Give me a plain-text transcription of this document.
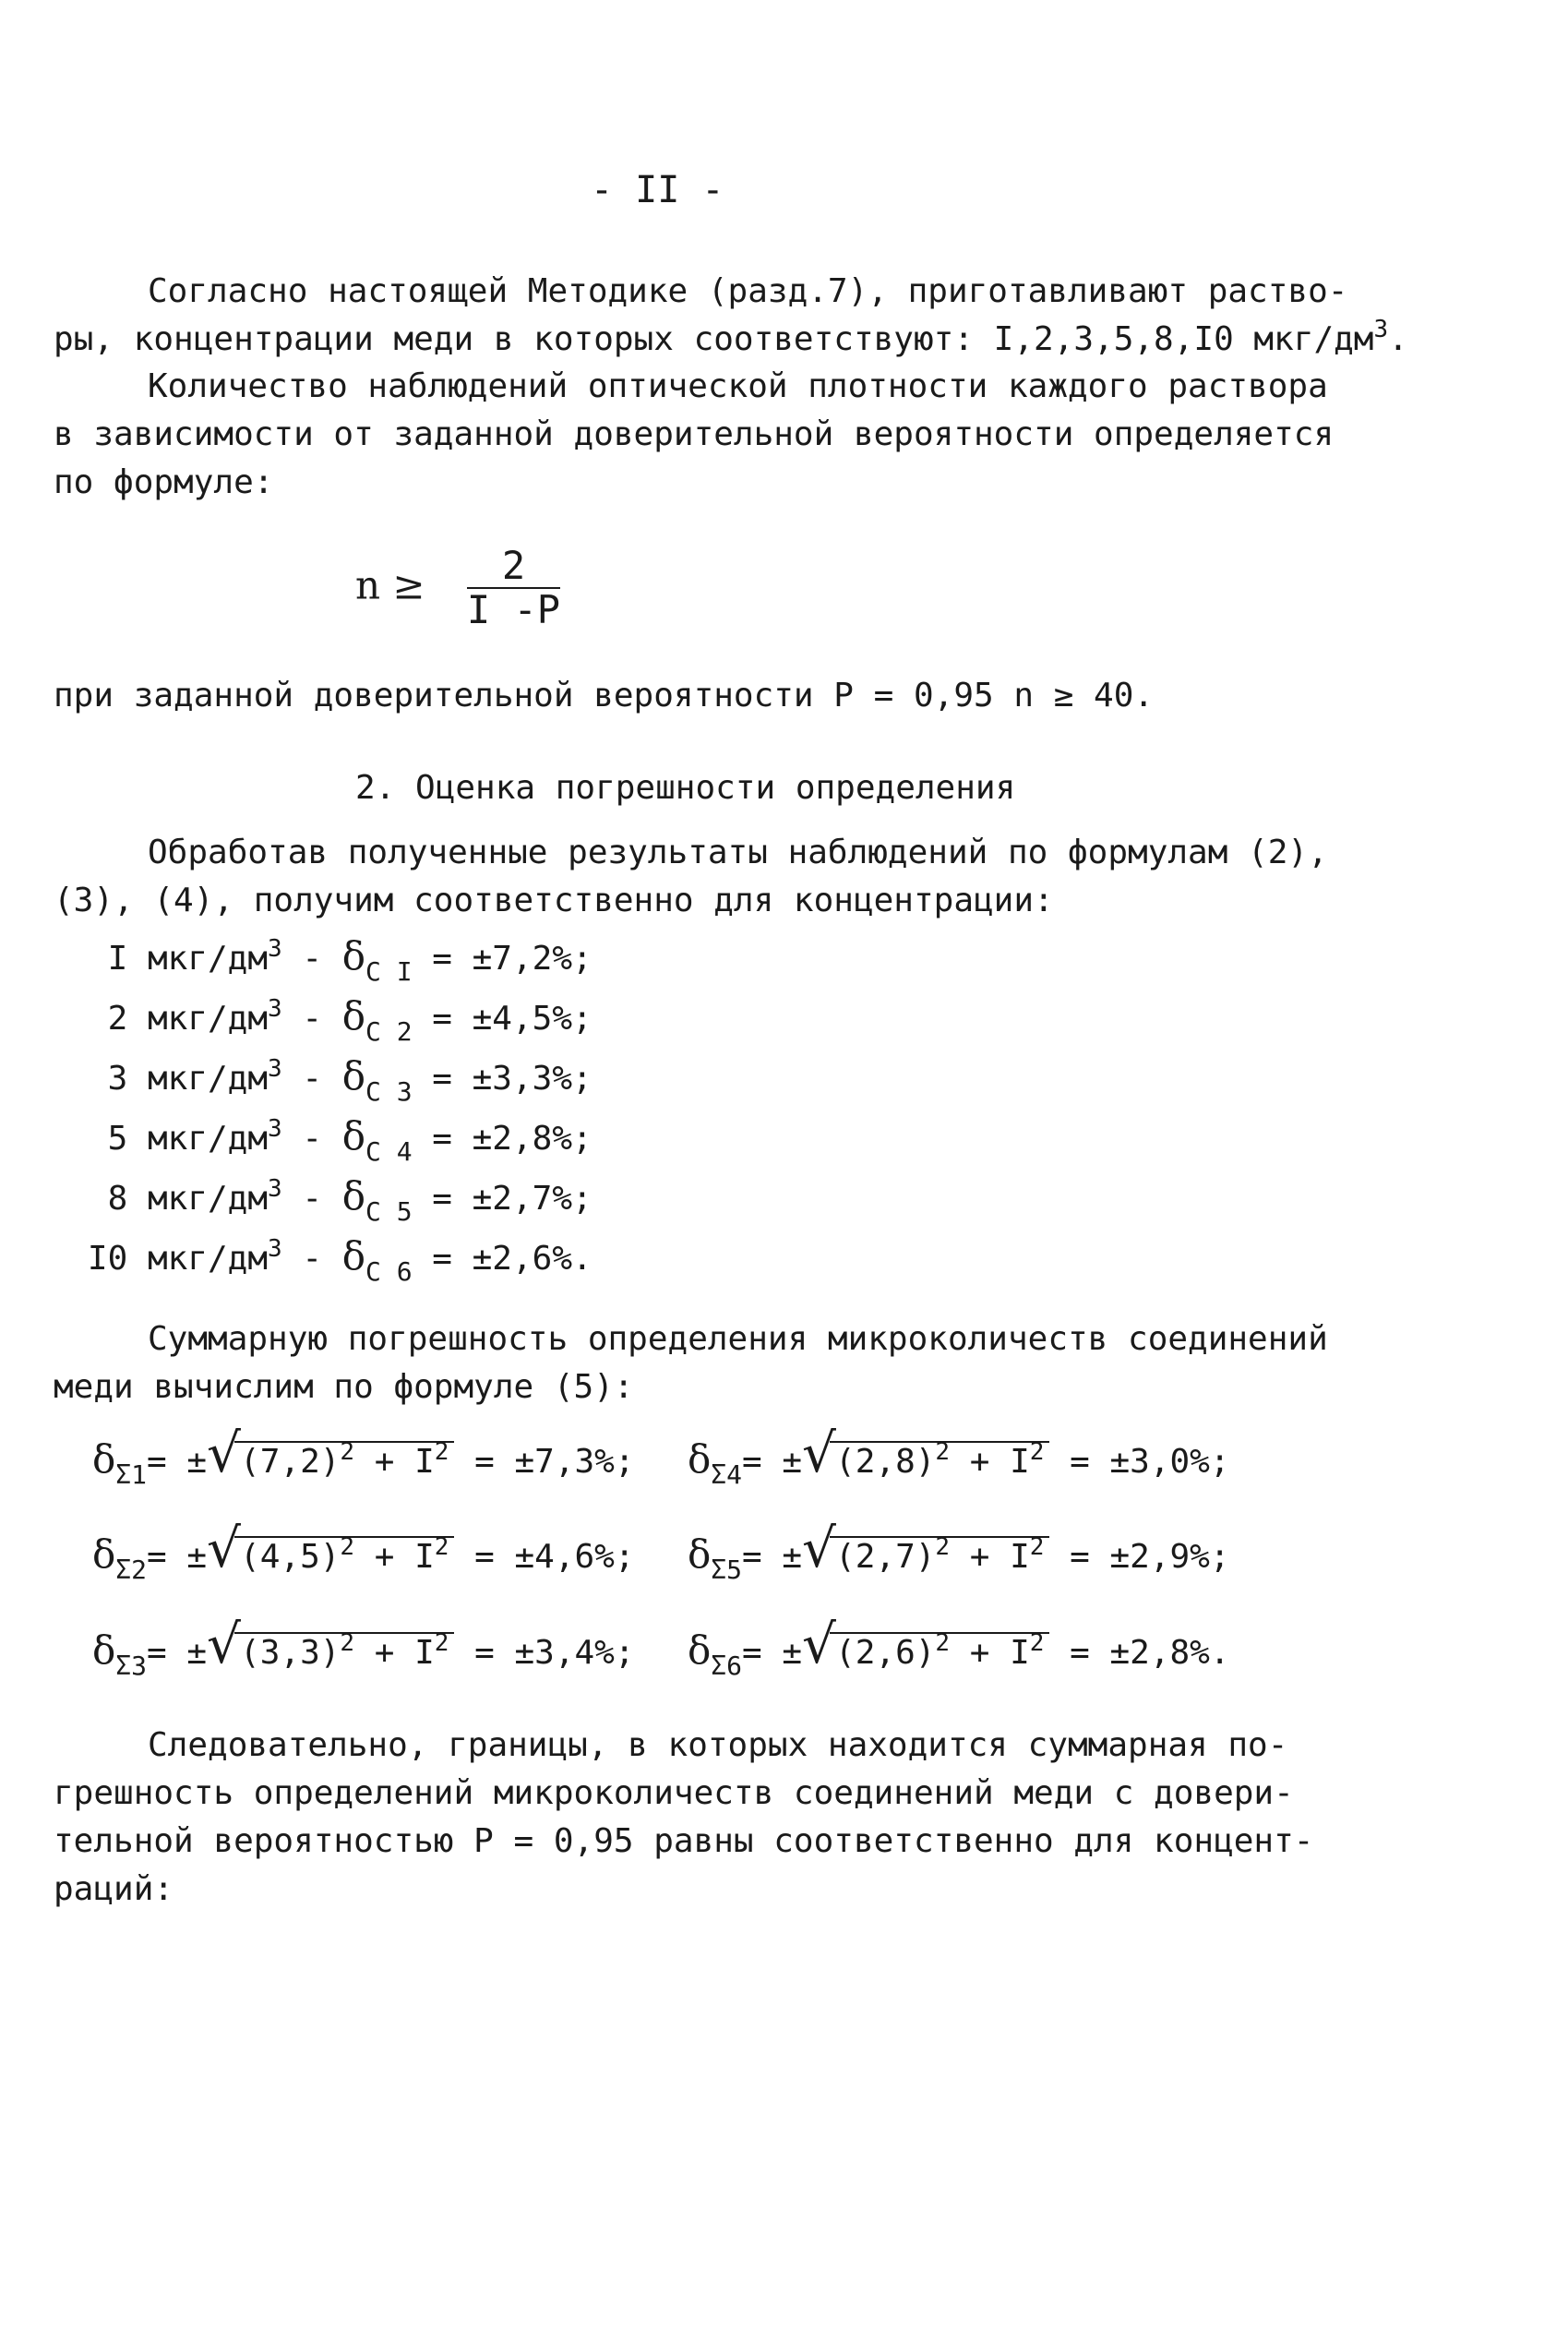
- II -
Согласно настоящей Методике (разд.7), приготавливают раство-
ры, концентрации меди в которых соответствуют: I,2,3,5,8,I0 мкг/$дм^3$.
Количество наблюдений оптической плотности каждого раствора
в зависимости от заданной доверительной вероятности определяется
по формуле:
$n \ge \frac{2}{I -P}$
при заданной доверительной вероятности P = 0,95 n ≥ 40.
2. Оценка погрешности определения
Обработав полученные результаты наблюдений по формулам (2),
(3), (4), получим соответственно для концентрации:
I мкг/$дм^3 - \delta_{C I} = \pm 7,2\%$;
2 мкг/$дм^3 - \delta_{C 2} = \pm 4,5\%$;
3 мкг/$дм^3 - \delta_{C 3} = \pm 3,3\%$;
5 мкг/$дм^3 - \delta_{C 4} = \pm 2,8\%$;
8 мкг/$дм^3 - \delta_{C 5} = \pm 2,7\%$;
I0 мкг/$дм^3 - \delta_{C 6} = \pm 2,6\%$.
Суммарную погрешность определения микроколичеств соединений
меди вычислим по формуле (5):
$\delta_{\Sigma 1}=$ ± √ $(7,2)^2 + I^2 = \pm 7,3\%$; $\delta_{\Sigma 4}=$ ± √ $(2,8)^2 + I^2 = \pm 3,0\%$;
$\delta_{\Sigma 2}=$ ± √ $(4,5)^2 + I^2 = \pm 4,6\%$; $\delta_{\Sigma 5}=$ ± √ $(2,7)^2 + I^2 = \pm 2,9\%$;
$\delta_{\Sigma 3}=$ ± √ $(3,3)^2 + I^2 = \pm 3,4\%$; $\delta_{\Sigma 6}=$ ± √ $(2,6)^2 + I^2 = \pm 2,8\%$.
Следовательно, границы, в которых находится суммарная по-
грешность определений микроколичеств соединений меди с довери-
тельной вероятностью P = 0,95 равны соответственно для концент-
раций:
